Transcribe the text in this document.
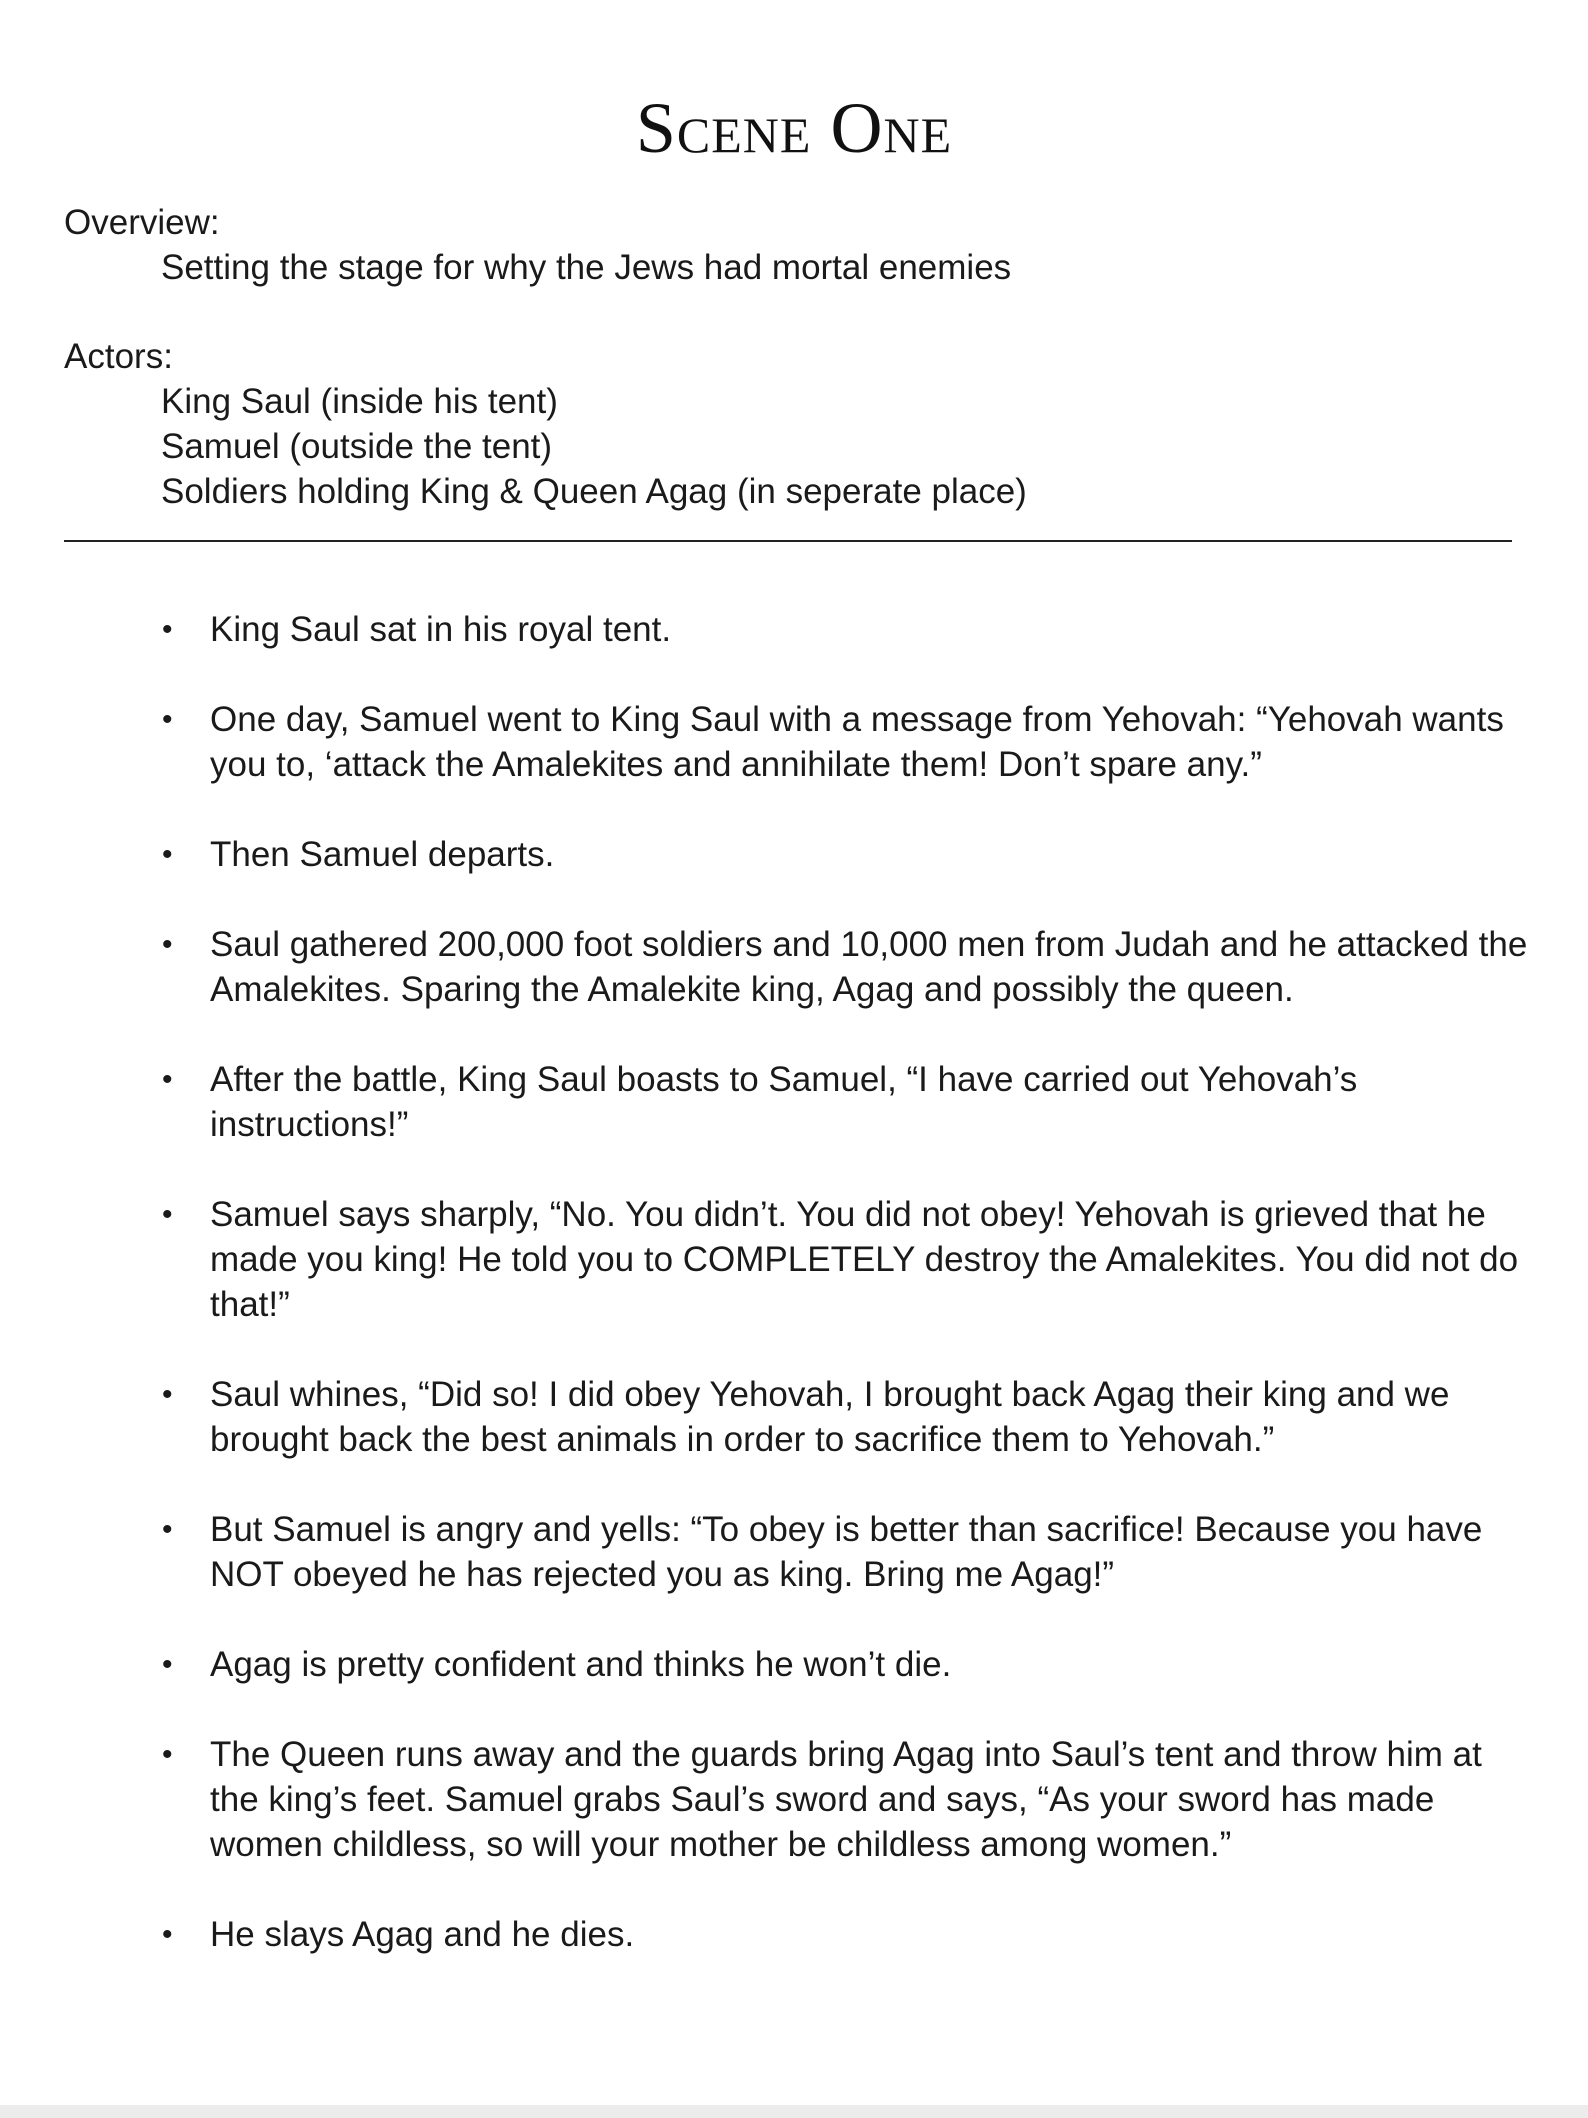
Scene One
Overview:
Setting the stage for why the Jews had mortal enemies
Actors:
King Saul (inside his tent)
Samuel (outside the tent)
Soldiers holding King & Queen Agag (in seperate place)
• King Saul sat in his royal tent.
• One day, Samuel went to King Saul with a message from Yehovah: “Yehovah wants you to, ‘attack the Amalekites and annihilate them! Don’t spare any.”
• Then Samuel departs.
• Saul gathered 200,000 foot soldiers and 10,000 men from Judah and he attacked the Amalekites. Sparing the Amalekite king, Agag and possibly the queen.
• After the battle, King Saul boasts to Samuel, “I have carried out Yehovah’s instructions!”
• Samuel says sharply, “No. You didn’t. You did not obey! Yehovah is grieved that he made you king! He told you to COMPLETELY destroy the Amalekites. You did not do that!”
• Saul whines, “Did so! I did obey Yehovah, I brought back Agag their king and we brought back the best animals in order to sacrifice them to Yehovah.”
• But Samuel is angry and yells: “To obey is better than sacrifice! Because you have NOT obeyed he has rejected you as king. Bring me Agag!”
• Agag is pretty confident and thinks he won’t die.
• The Queen runs away and the guards bring Agag into Saul’s tent and throw him at the king’s feet. Samuel grabs Saul’s sword and says, “As your sword has made women childless, so will your mother be childless among women.”
• He slays Agag and he dies.
